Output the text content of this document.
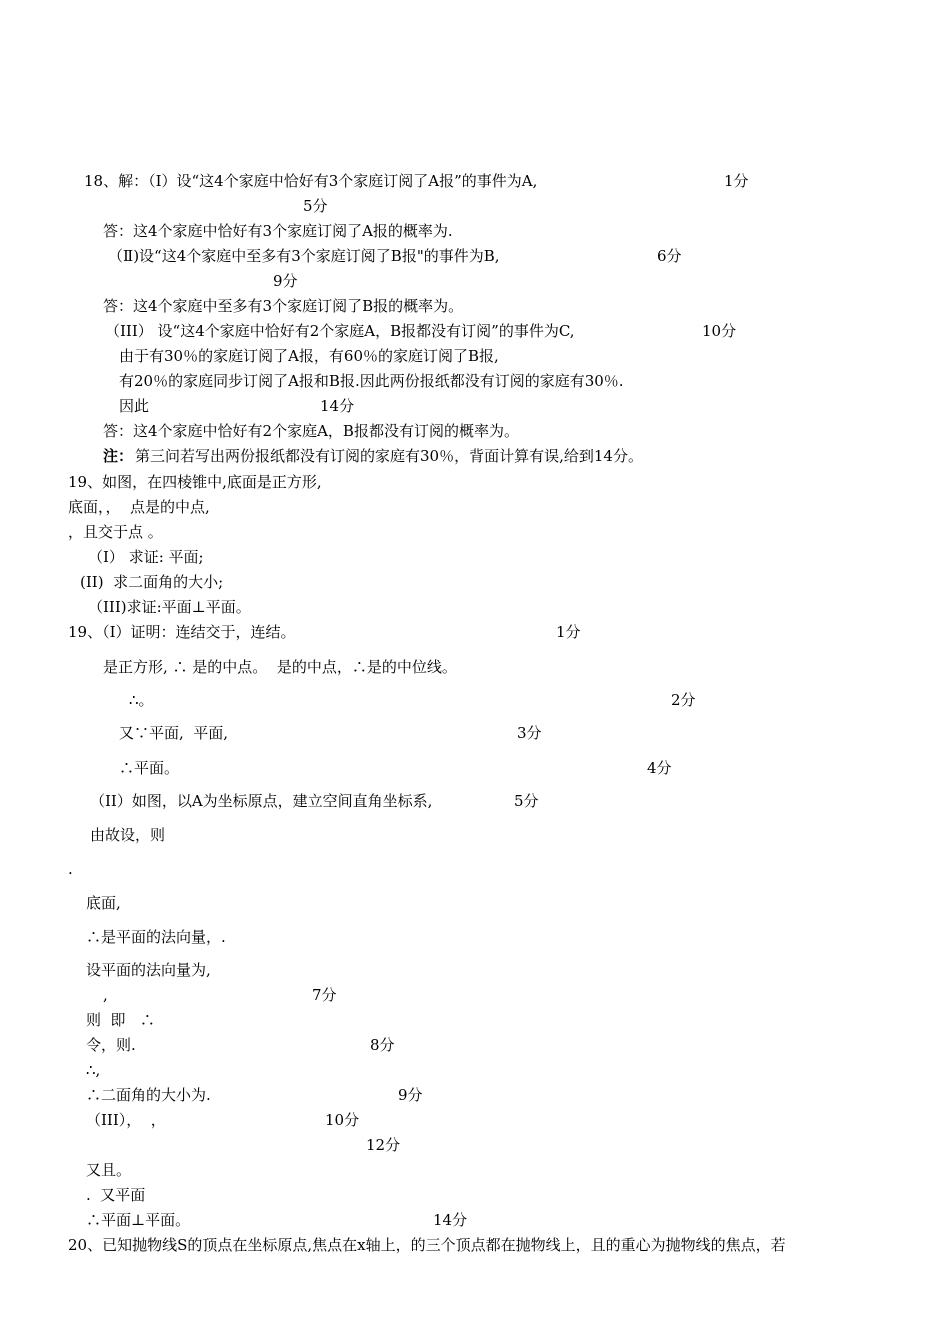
18、解：（Ⅰ）设“这4个家庭中恰好有3个家庭订阅了A报”的事件为A,	1分
5分
答：这4个家庭中恰好有3个家庭订阅了A报的概率为.
（Ⅱ)设“这4个家庭中至多有3个家庭订阅了B报"的事件为B,	6分
9分
答：这4个家庭中至多有3个家庭订阅了B报的概率为。
（III） 设“这4个家庭中恰好有2个家庭A，B报都没有订阅”的事件为C,	10分
由于有30％的家庭订阅了A报，有60％的家庭订阅了B报,
有20％的家庭同步订阅了A报和B报.因此两份报纸都没有订阅的家庭有30％.
因此	14分
答：这4个家庭中恰好有2个家庭A，B报都没有订阅的概率为。
注： 第三问若写出两份报纸都没有订阅的家庭有30％，背面计算有误,给到14分。
19、如图，在四棱锥中,底面是正方形,
底面，，  点是的中点,
，且交于点 。
（I） 求证: 平面;
(II)  求二面角的大小;
（III)求证:平面⊥平面。
19、（Ⅰ）证明：连结交于，连结。	1分
是正方形, ∴ 是的中点。  是的中点，∴是的中位线。
∴。	2分
又∵平面,  平面,	3分
∴平面。	4分
（II）如图，以A为坐标原点，建立空间直角坐标系,	5分
由故设，则
.
底面,
∴是平面的法向量，.
设平面的法向量为,
,	7分
则  即   ∴
令，则.	8分
∴,
∴二面角的大小为.	9分
（III），  ，	10分
12分
又且。
.  又平面
∴平面⊥平面。	14分
20、已知抛物线S的顶点在坐标原点,焦点在x轴上，的三个顶点都在抛物线上，且的重心为抛物线的焦点，若
